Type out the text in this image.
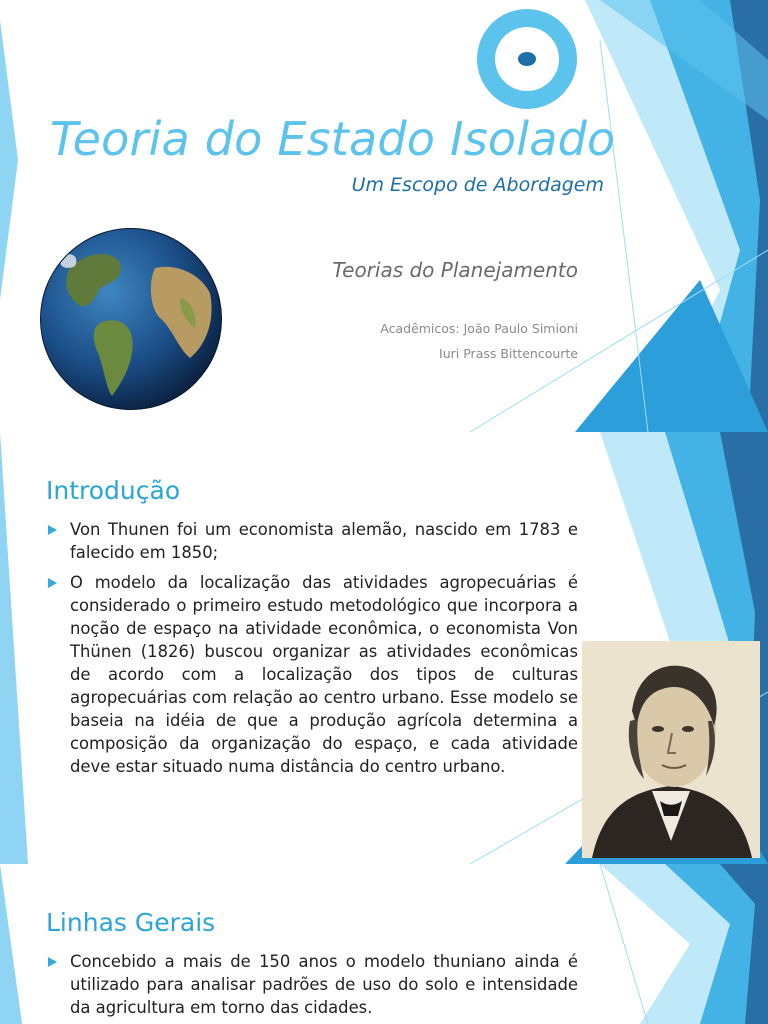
Teoria do Estado Isolado
Um Escopo de Abordagem
Teorias do Planejamento
Acadêmicos: João Paulo Simioni
Iuri Prass Bittencourte
Introdução
Von Thunen foi um economista alemão, nascido em 1783 e falecido em 1850;
O modelo da localização das atividades agropecuárias é considerado o primeiro estudo metodológico que incorpora a noção de espaço na atividade econômica, o economista Von Thünen (1826) buscou organizar as atividades econômicas de acordo com a localização dos tipos de culturas agropecuárias com relação ao centro urbano. Esse modelo se baseia na idéia de que a produção agrícola determina a composição da organização do espaço, e cada atividade deve estar situado numa distância do centro urbano.
Linhas Gerais
Concebido a mais de 150 anos o modelo thuniano ainda é utilizado para analisar padrões de uso do solo e intensidade da agricultura em torno das cidades.
